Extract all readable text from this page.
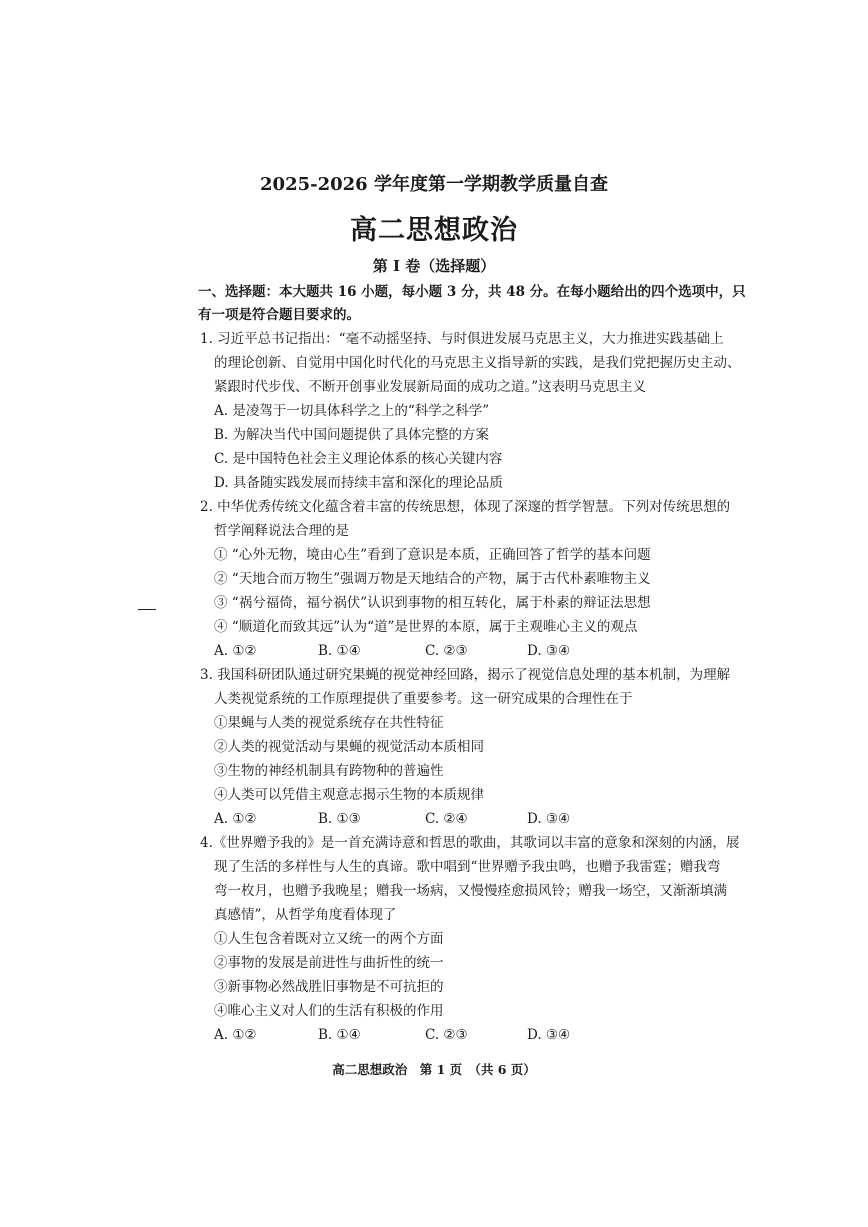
2025-2026 学年度第一学期教学质量自查
高二思想政治
第 I 卷（选择题）
一、选择题：本大题共 16 小题，每小题 3 分，共 48 分。在每小题给出的四个选项中，只
有一项是符合题目要求的。
1. 习近平总书记指出：“毫不动摇坚持、与时俱进发展马克思主义，大力推进实践基础上
的理论创新、自觉用中国化时代化的马克思主义指导新的实践，是我们党把握历史主动、
紧跟时代步伐、不断开创事业发展新局面的成功之道。”这表明马克思主义
A. 是凌驾于一切具体科学之上的“科学之科学”
B. 为解决当代中国问题提供了具体完整的方案
C. 是中国特色社会主义理论体系的核心关键内容
D. 具备随实践发展而持续丰富和深化的理论品质
2. 中华优秀传统文化蕴含着丰富的传统思想，体现了深邃的哲学智慧。下列对传统思想的
哲学阐释说法合理的是
① “心外无物，境由心生”看到了意识是本质，正确回答了哲学的基本问题
② “天地合而万物生”强调万物是天地结合的产物，属于古代朴素唯物主义
③ “祸兮福倚，福兮祸伏”认识到事物的相互转化，属于朴素的辩证法思想
④ “顺道化而致其远”认为“道”是世界的本原，属于主观唯心主义的观点
A. ①②	B. ①④	C. ②③	D. ③④
3. 我国科研团队通过研究果蝇的视觉神经回路，揭示了视觉信息处理的基本机制，为理解
人类视觉系统的工作原理提供了重要参考。这一研究成果的合理性在于
①果蝇与人类的视觉系统存在共性特征
②人类的视觉活动与果蝇的视觉活动本质相同
③生物的神经机制具有跨物种的普遍性
④人类可以凭借主观意志揭示生物的本质规律
A. ①②	B. ①③	C. ②④	D. ③④
4.《世界赠予我的》是一首充满诗意和哲思的歌曲，其歌词以丰富的意象和深刻的内涵，展
现了生活的多样性与人生的真谛。歌中唱到“世界赠予我虫鸣，也赠予我雷霆；赠我弯
弯一枚月，也赠予我晚星；赠我一场病，又慢慢痊愈损风铃；赠我一场空，又渐渐填满
真感情”，从哲学角度看体现了
①人生包含着既对立又统一的两个方面
②事物的发展是前进性与曲折性的统一
③新事物必然战胜旧事物是不可抗拒的
④唯心主义对人们的生活有积极的作用
A. ①②	B. ①④	C. ②③	D. ③④
高二思想政治　第 1 页　（共 6 页）
